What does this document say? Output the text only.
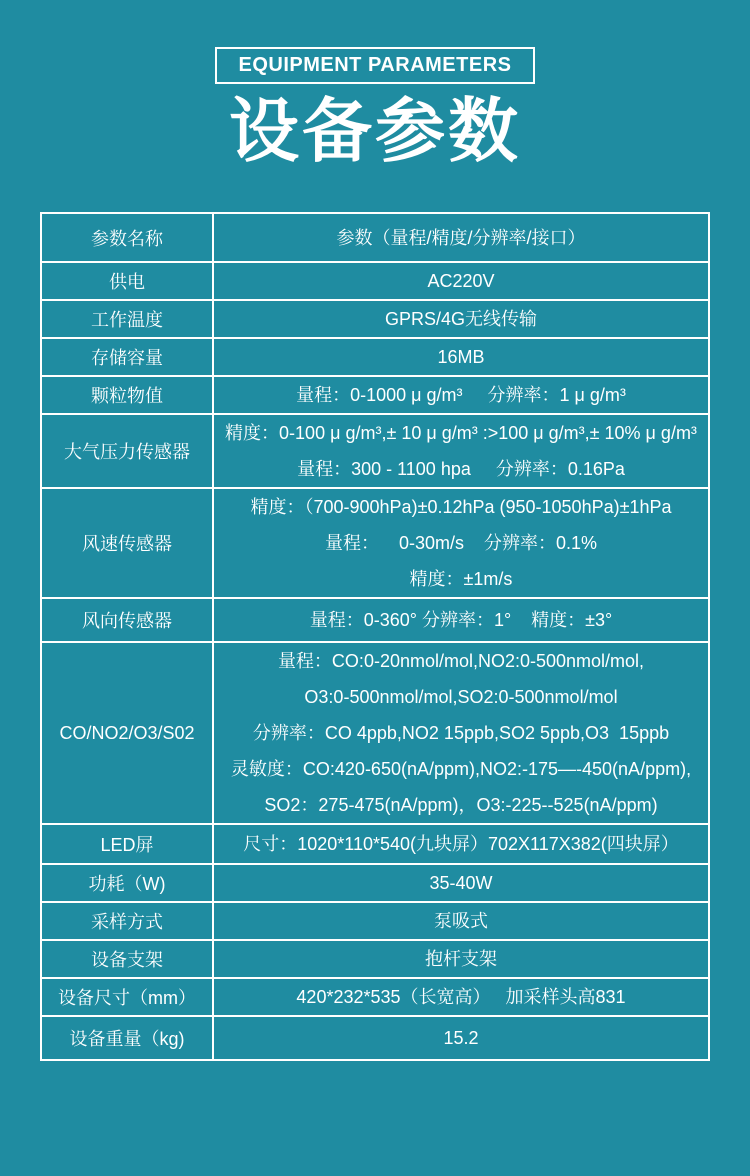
EQUIPMENT PARAMETERS
设备参数
参数名称	参数（量程/精度/分辨率/接口）

供电	AC220V

工作温度	GPRS/4G无线传输

存储容量	16MB

颗粒物值	量程：0-1000 μ g/m³     分辨率：1 μ g/m³

大气压力传感器	精度：0-100 μ g/m³,± 10 μ g/m³ :>100 μ g/m³,± 10% μ g/m³
量程：300 - 1100 hpa     分辨率：0.16Pa

风速传感器	精度：（700-900hPa)±0.12hPa (950-1050hPa)±1hPa
量程：    0-30m/s    分辨率：0.1%
精度：±1m/s

风向传感器	量程：0-360° 分辨率：1°    精度：±3°

CO/NO2/O3/S02	量程：CO:0-20nmol/mol,NO2:0-500nmol/mol,
O3:0-500nmol/mol,SO2:0-500nmol/mol
分辨率：CO 4ppb,NO2 15ppb,SO2 5ppb,O3  15ppb
灵敏度：CO:420-650(nA/ppm),NO2:-175—-450(nA/ppm),
SO2：275-475(nA/ppm)，O3:-225--525(nA/ppm)

LED屏	尺寸：1020*110*540(九块屏）702X117X382(四块屏）

功耗（W)	35-40W

采样方式	泵吸式

设备支架	抱杆支架

设备尺寸（mm）	420*232*535（长宽高）   加采样头高831

设备重量（kg)	15.2
